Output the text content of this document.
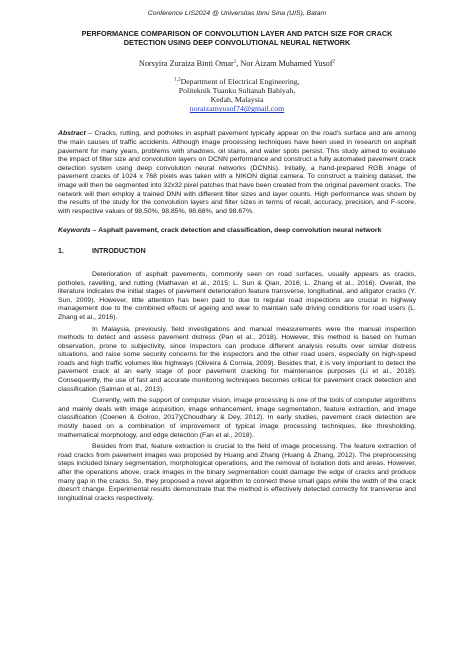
Conference LIS2024 @ Universitas Ibnu Sina (UIS), Batam
PERFORMANCE COMPARISON OF CONVOLUTION LAYER AND PATCH SIZE FOR CRACK
DETECTION USING DEEP CONVOLUTIONAL NEURAL NETWORK
Norsyira Zuraiza Binti Omar$^1$, Nor Aizam Muhamed Yusof$^2$
$^{1,2}$Department of Electrical Engineering,
Politeknik Tuanku Sultanah Bahiyah,
Kedah, Malaysia
noraizamyusof74@gmail.com

Abstract – Cracks, rutting, and potholes in asphalt pavement typically appear on the road's surface and are among the main causes of traffic accidents. Although image processing techniques have been used in research on asphalt pavement for many years, problems with shadows, oil stains, and water spots persist. This study aimed to evaluate the impact of filter size and convolution layers on DCNN performance and construct a fully automated pavement crack detection system using deep convolution neural networks (DCNNs). Initially, a hand-prepared RGB image of pavement cracks of 1024 x 768 pixels was taken with a NIKON digital camera. To construct a training dataset, the image will then be segmented into 32x32 pixel patches that have been created from the original pavement cracks. The network will then employ a trained DNN with different filter sizes and layer counts. High performance was shown by the results of the study for the convolution layers and filter sizes in terms of recall, accuracy, precision, and F-score, with respective values of 98.50%, 98.85%, 98.68%, and 98.67%.

Keywords – Asphalt pavement, crack detection and classification, deep convolution neural network
1.	INTRODUCTION

Deterioration of asphalt pavements, commonly seen on road surfaces, usually appears as cracks, potholes, ravelling, and rutting (Mathavan et al., 2015; L. Sun & Qian, 2016; L. Zhang et al., 2016). Overall, the literature indicates the initial stages of pavement deterioration feature transverse, longitudinal, and alligator cracks (Y. Sun, 2009). However, little attention has been paid to due to regular road inspections are crucial in highway management due to the combined effects of ageing and wear to maintain safe driving conditions for road users (L. Zhang et al., 2016).

In Malaysia, previously, field investigations and manual measurements were the manual inspection methods to detect and assess pavement distress (Pan et al., 2018). However, this method is based on human observation, prone to subjectivity, since inspectors can produce different analysis results over similar distress situations, and raise some security concerns for the inspectors and the other road users, especially on high-speed roads and high traffic volumes like highways (Oliveira & Correia, 2009). Besides that, it is very important to detect the pavement crack at an early stage of poor pavement cracking for maintenance purposes (Li et al., 2018). Consequently, the use of fast and accurate monitoring techniques becomes critical for pavement crack detection and classification (Salman et al., 2013).

Currently, with the support of computer vision, image processing is one of the tools of computer algorithms and mainly deals with image acquisition, image enhancement, image segmentation, feature extraction, and image classification (Coenen & Golroo, 2017)(Choudhary & Dey, 2012). In early studies, pavement crack detection are mostly based on a combination of improvement of typical image processing techniques, like thresholding, mathematical morphology, and edge detection (Fan et al., 2018).

Besides from that, feature extraction is crucial to the field of image processing. The feature extraction of road cracks from pavement images was proposed by Huang and Zhang (Huang & Zhang, 2012). The preprocessing steps included binary segmentation, morphological operations, and the removal of isolation dots and areas. However, after the operations above, crack images in the binary segmentation could damage the edge of cracks and produce many gap in the cracks. So, they proposed a novel algorithm to connect these small gaps while the width of the crack doesn't change. Experimental results demonstrate that the method is effectively detected correctly for transverse and longitudinal cracks respectively.
